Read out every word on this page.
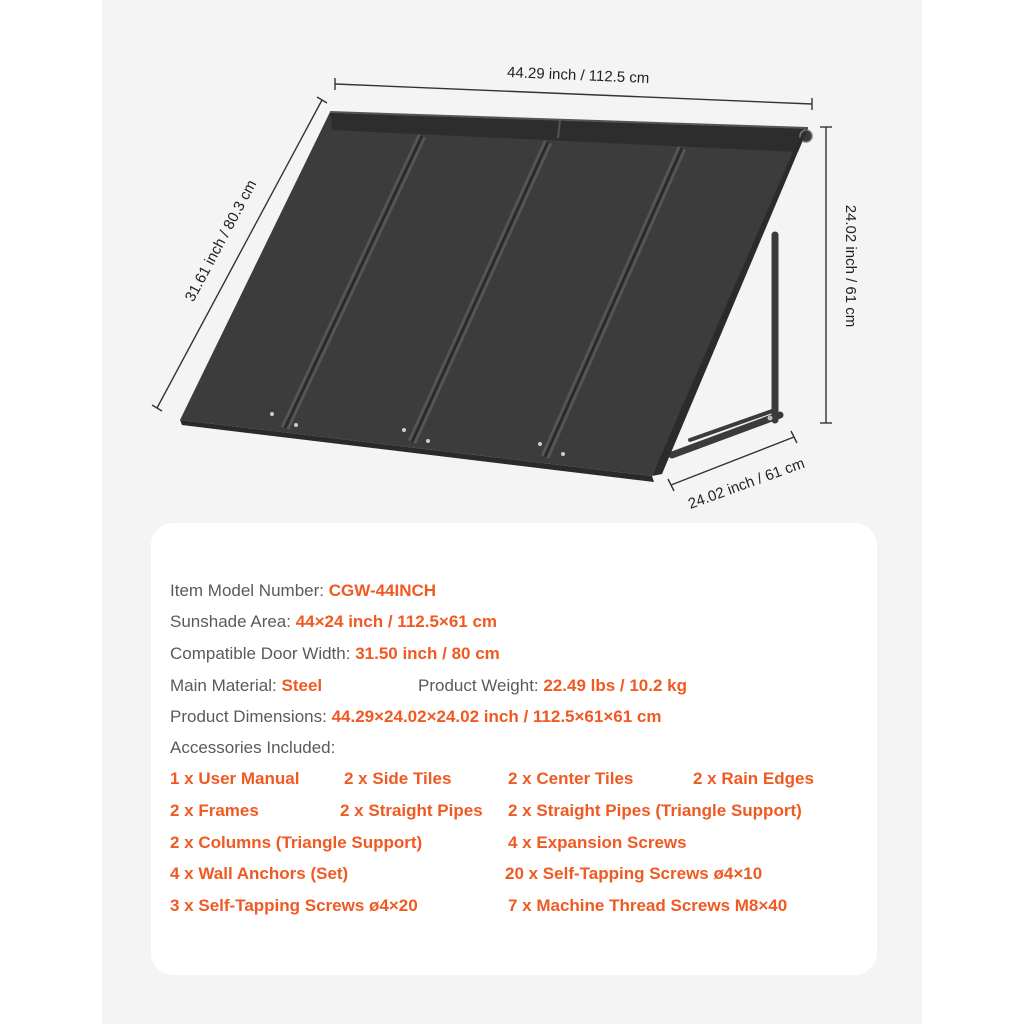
44.29 inch / 112.5 cm
31.61 inch / 80.3 cm	24.02 inch / 61 cm
24.02 inch / 61 cm
Item Model Number: CGW-44INCH
Sunshade Area: 44×24 inch / 112.5×61 cm
Compatible Door Width: 31.50 inch / 80 cm
Main Material: Steel	Product Weight: 22.49 lbs / 10.2 kg
Product Dimensions: 44.29×24.02×24.02 inch / 112.5×61×61 cm
Accessories Included:
1 x User Manual	2 x Side Tiles	2 x Center Tiles	2 x Rain Edges
2 x Frames	2 x Straight Pipes 2 x Straight Pipes (Triangle Support)
2 x Columns (Triangle Support)	4 x Expansion Screws
4 x Wall Anchors (Set)	20 x Self-Tapping Screws ø4×10
3 x Self-Tapping Screws ø4×20	7 x Machine Thread Screws M8×40
